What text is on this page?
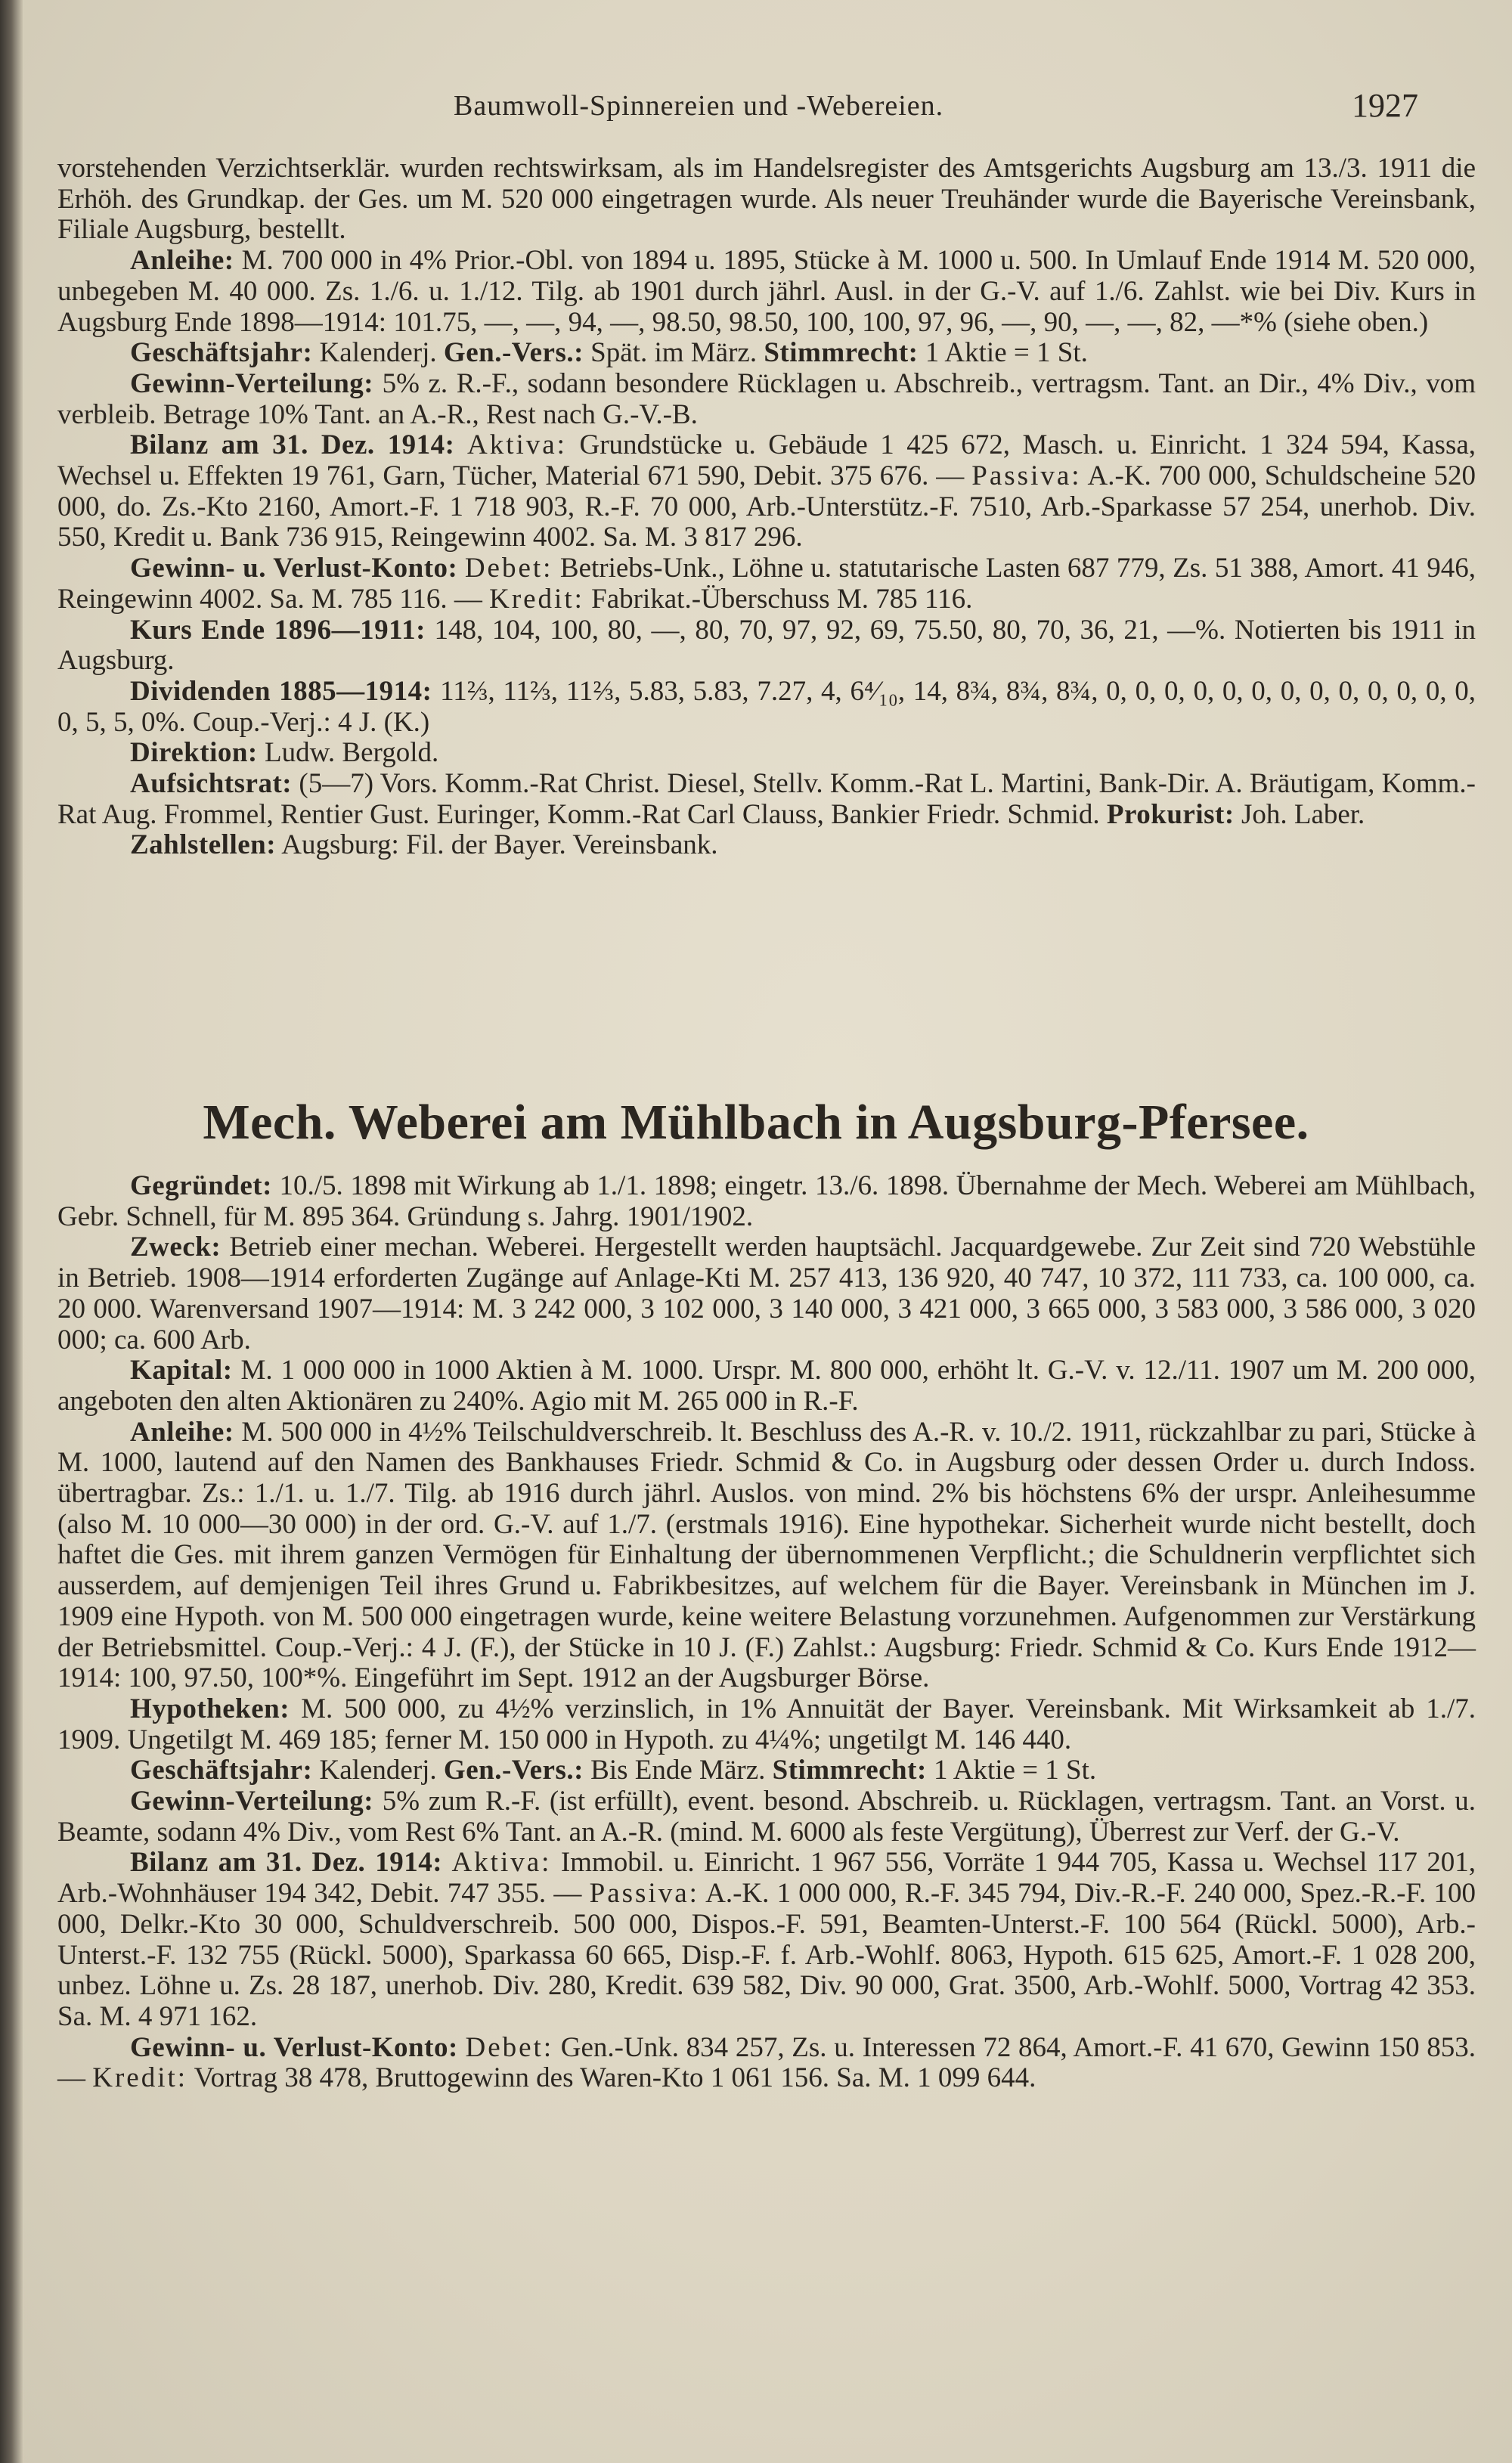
Baumwoll-Spinnereien und -Webereien.	1927

vorstehenden Verzichtserklär. wurden rechtswirksam, als im Handelsregister des Amtsgerichts Augsburg am 13./3. 1911 die Erhöh. des Grundkap. der Ges. um M. 520 000 eingetragen wurde. Als neuer Treuhänder wurde die Bayerische Vereinsbank, Filiale Augsburg, bestellt.

Anleihe: M. 700 000 in 4% Prior.-Obl. von 1894 u. 1895, Stücke à M. 1000 u. 500. In Umlauf Ende 1914 M. 520 000, unbegeben M. 40 000. Zs. 1./6. u. 1./12. Tilg. ab 1901 durch jährl. Ausl. in der G.-V. auf 1./6. Zahlst. wie bei Div. Kurs in Augsburg Ende 1898—1914: 101.75, —, —, 94, —, 98.50, 98.50, 100, 100, 97, 96, —, 90, —, —, 82, —*% (siehe oben.)

Geschäftsjahr: Kalenderj. Gen.-Vers.: Spät. im März. Stimmrecht: 1 Aktie = 1 St.

Gewinn-Verteilung: 5% z. R.-F., sodann besondere Rücklagen u. Abschreib., vertragsm. Tant. an Dir., 4% Div., vom verbleib. Betrage 10% Tant. an A.-R., Rest nach G.-V.-B.

Bilanz am 31. Dez. 1914: Aktiva: Grundstücke u. Gebäude 1 425 672, Masch. u. Einricht. 1 324 594, Kassa, Wechsel u. Effekten 19 761, Garn, Tücher, Material 671 590, Debit. 375 676. — Passiva: A.-K. 700 000, Schuldscheine 520 000, do. Zs.-Kto 2160, Amort.-F. 1 718 903, R.-F. 70 000, Arb.-Unterstütz.-F. 7510, Arb.-Sparkasse 57 254, unerhob. Div. 550, Kredit u. Bank 736 915, Reingewinn 4002. Sa. M. 3 817 296.

Gewinn- u. Verlust-Konto: Debet: Betriebs-Unk., Löhne u. statutarische Lasten 687 779, Zs. 51 388, Amort. 41 946, Reingewinn 4002. Sa. M. 785 116. — Kredit: Fabrikat.-Überschuss M. 785 116.

Kurs Ende 1896—1911: 148, 104, 100, 80, —, 80, 70, 97, 92, 69, 75.50, 80, 70, 36, 21, —%. Notierten bis 1911 in Augsburg.

Dividenden 1885—1914: 11⅔, 11⅔, 11⅔, 5.83, 5.83, 7.27, 4, 6⁴⁄₁₀, 14, 8¾, 8¾, 8¾, 0, 0, 0, 0, 0, 0, 0, 0, 0, 0, 0, 0, 0, 0, 5, 5, 0%. Coup.-Verj.: 4 J. (K.)

Direktion: Ludw. Bergold.

Aufsichtsrat: (5—7) Vors. Komm.-Rat Christ. Diesel, Stellv. Komm.-Rat L. Martini, Bank-Dir. A. Bräutigam, Komm.-Rat Aug. Frommel, Rentier Gust. Euringer, Komm.-Rat Carl Clauss, Bankier Friedr. Schmid. Prokurist: Joh. Laber.

Zahlstellen: Augsburg: Fil. der Bayer. Vereinsbank.

Mech. Weberei am Mühlbach in Augsburg-Pfersee.

Gegründet: 10./5. 1898 mit Wirkung ab 1./1. 1898; eingetr. 13./6. 1898. Übernahme der Mech. Weberei am Mühlbach, Gebr. Schnell, für M. 895 364. Gründung s. Jahrg. 1901/1902.

Zweck: Betrieb einer mechan. Weberei. Hergestellt werden hauptsächl. Jacquardgewebe. Zur Zeit sind 720 Webstühle in Betrieb. 1908—1914 erforderten Zugänge auf Anlage-Kti M. 257 413, 136 920, 40 747, 10 372, 111 733, ca. 100 000, ca. 20 000. Warenversand 1907—1914: M. 3 242 000, 3 102 000, 3 140 000, 3 421 000, 3 665 000, 3 583 000, 3 586 000, 3 020 000; ca. 600 Arb.

Kapital: M. 1 000 000 in 1000 Aktien à M. 1000. Urspr. M. 800 000, erhöht lt. G.-V. v. 12./11. 1907 um M. 200 000, angeboten den alten Aktionären zu 240%. Agio mit M. 265 000 in R.-F.

Anleihe: M. 500 000 in 4½% Teilschuldverschreib. lt. Beschluss des A.-R. v. 10./2. 1911, rückzahlbar zu pari, Stücke à M. 1000, lautend auf den Namen des Bankhauses Friedr. Schmid & Co. in Augsburg oder dessen Order u. durch Indoss. übertragbar. Zs.: 1./1. u. 1./7. Tilg. ab 1916 durch jährl. Auslos. von mind. 2% bis höchstens 6% der urspr. Anleihesumme (also M. 10 000—30 000) in der ord. G.-V. auf 1./7. (erstmals 1916). Eine hypothekar. Sicherheit wurde nicht bestellt, doch haftet die Ges. mit ihrem ganzen Vermögen für Einhaltung der übernommenen Verpflicht.; die Schuldnerin verpflichtet sich ausserdem, auf demjenigen Teil ihres Grund u. Fabrikbesitzes, auf welchem für die Bayer. Vereinsbank in München im J. 1909 eine Hypoth. von M. 500 000 eingetragen wurde, keine weitere Belastung vorzunehmen. Aufgenommen zur Verstärkung der Betriebsmittel. Coup.-Verj.: 4 J. (F.), der Stücke in 10 J. (F.) Zahlst.: Augsburg: Friedr. Schmid & Co. Kurs Ende 1912—1914: 100, 97.50, 100*%. Eingeführt im Sept. 1912 an der Augsburger Börse.

Hypotheken: M. 500 000, zu 4½% verzinslich, in 1% Annuität der Bayer. Vereinsbank. Mit Wirksamkeit ab 1./7. 1909. Ungetilgt M. 469 185; ferner M. 150 000 in Hypoth. zu 4¼%; ungetilgt M. 146 440.

Geschäftsjahr: Kalenderj. Gen.-Vers.: Bis Ende März. Stimmrecht: 1 Aktie = 1 St.

Gewinn-Verteilung: 5% zum R.-F. (ist erfüllt), event. besond. Abschreib. u. Rücklagen, vertragsm. Tant. an Vorst. u. Beamte, sodann 4% Div., vom Rest 6% Tant. an A.-R. (mind. M. 6000 als feste Vergütung), Überrest zur Verf. der G.-V.

Bilanz am 31. Dez. 1914: Aktiva: Immobil. u. Einricht. 1 967 556, Vorräte 1 944 705, Kassa u. Wechsel 117 201, Arb.-Wohnhäuser 194 342, Debit. 747 355. — Passiva: A.-K. 1 000 000, R.-F. 345 794, Div.-R.-F. 240 000, Spez.-R.-F. 100 000, Delkr.-Kto 30 000, Schuldverschreib. 500 000, Dispos.-F. 591, Beamten-Unterst.-F. 100 564 (Rückl. 5000), Arb.-Unterst.-F. 132 755 (Rückl. 5000), Sparkassa 60 665, Disp.-F. f. Arb.-Wohlf. 8063, Hypoth. 615 625, Amort.-F. 1 028 200, unbez. Löhne u. Zs. 28 187, unerhob. Div. 280, Kredit. 639 582, Div. 90 000, Grat. 3500, Arb.-Wohlf. 5000, Vortrag 42 353. Sa. M. 4 971 162.

Gewinn- u. Verlust-Konto: Debet: Gen.-Unk. 834 257, Zs. u. Interessen 72 864, Amort.-F. 41 670, Gewinn 150 853. — Kredit: Vortrag 38 478, Bruttogewinn des Waren-Kto 1 061 156. Sa. M. 1 099 644.
